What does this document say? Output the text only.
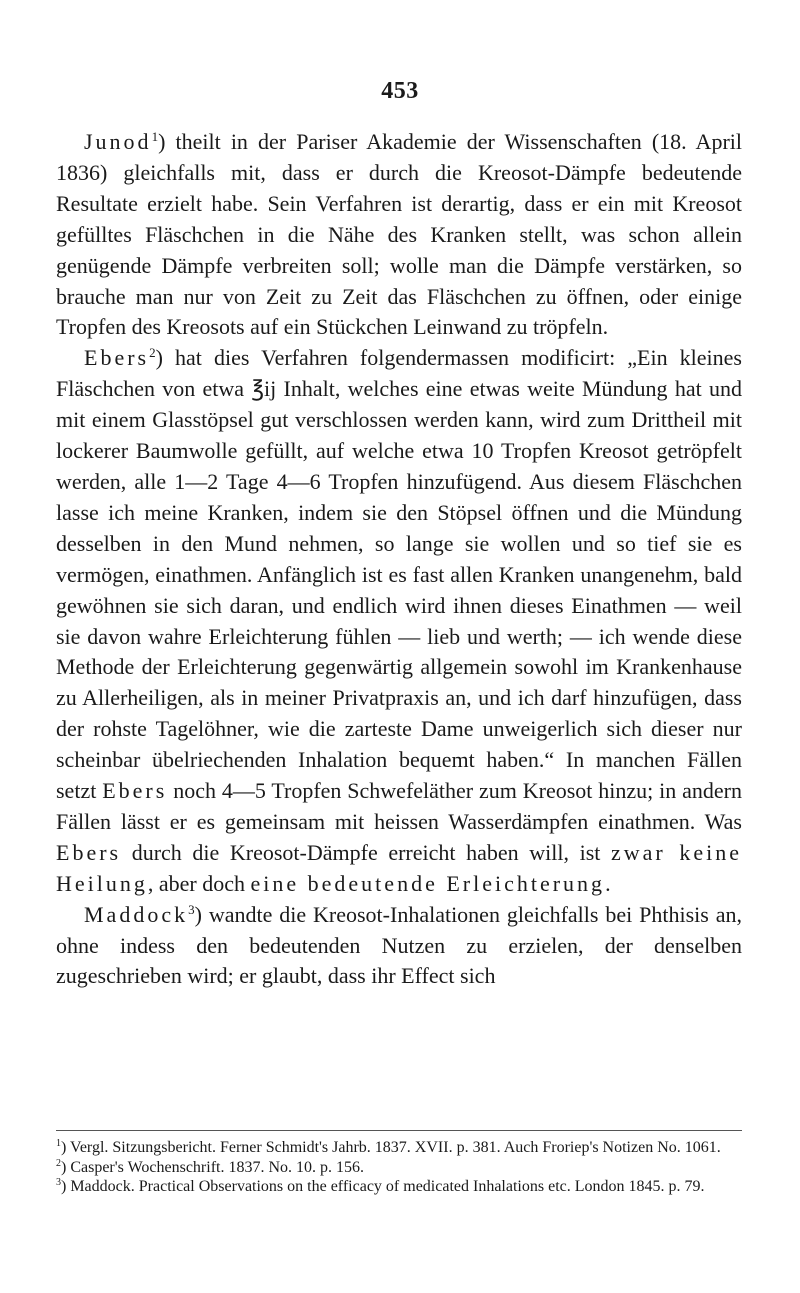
453

Junod$^1$) theilt in der Pariser Akademie der Wissenschaften (18. April 1836) gleichfalls mit, dass er durch die Kreosot-Dämpfe bedeutende Resultate erzielt habe. Sein Verfahren ist derartig, dass er ein mit Kreosot gefülltes Fläschchen in die Nähe des Kranken stellt, was schon allein genügende Dämpfe verbreiten soll; wolle man die Dämpfe verstärken, so brauche man nur von Zeit zu Zeit das Fläschchen zu öffnen, oder einige Tropfen des Kreosots auf ein Stückchen Leinwand zu tröpfeln.

Ebers$^2$) hat dies Verfahren folgendermassen modificirt: „Ein kleines Fläschchen von etwa ℥ij Inhalt, welches eine etwas weite Mündung hat und mit einem Glasstöpsel gut verschlossen werden kann, wird zum Drittheil mit lockerer Baumwolle gefüllt, auf welche etwa 10 Tropfen Kreosot getröpfelt werden, alle 1—2 Tage 4—6 Tropfen hinzufügend. Aus diesem Fläschchen lasse ich meine Kranken, indem sie den Stöpsel öffnen und die Mündung desselben in den Mund nehmen, so lange sie wollen und so tief sie es vermögen, einathmen. Anfänglich ist es fast allen Kranken unangenehm, bald gewöhnen sie sich daran, und endlich wird ihnen dieses Einathmen — weil sie davon wahre Erleichterung fühlen — lieb und werth; — ich wende diese Methode der Erleichterung gegenwärtig allgemein sowohl im Krankenhause zu Allerheiligen, als in meiner Privatpraxis an, und ich darf hinzufügen, dass der rohste Tagelöhner, wie die zarteste Dame unweigerlich sich dieser nur scheinbar übelriechenden Inhalation bequemt haben.“ In manchen Fällen setzt Ebers noch 4—5 Tropfen Schwefeläther zum Kreosot hinzu; in andern Fällen lässt er es gemeinsam mit heissen Wasserdämpfen einathmen. Was Ebers durch die Kreosot-Dämpfe erreicht haben will, ist zwar keine Heilung, aber doch eine bedeutende Erleichterung.

Maddock$^3$) wandte die Kreosot-Inhalationen gleichfalls bei Phthisis an, ohne indess den bedeutenden Nutzen zu erzielen, der denselben zugeschrieben wird; er glaubt, dass ihr Effect sich

$^1$) Vergl. Sitzungsbericht. Ferner Schmidt's Jahrb. 1837. XVII. p. 381. Auch Froriep's Notizen No. 1061.
$^2$) Casper's Wochenschrift. 1837. No. 10. p. 156.
$^3$) Maddock. Practical Observations on the efficacy of medicated Inhalations etc. London 1845. p. 79.
